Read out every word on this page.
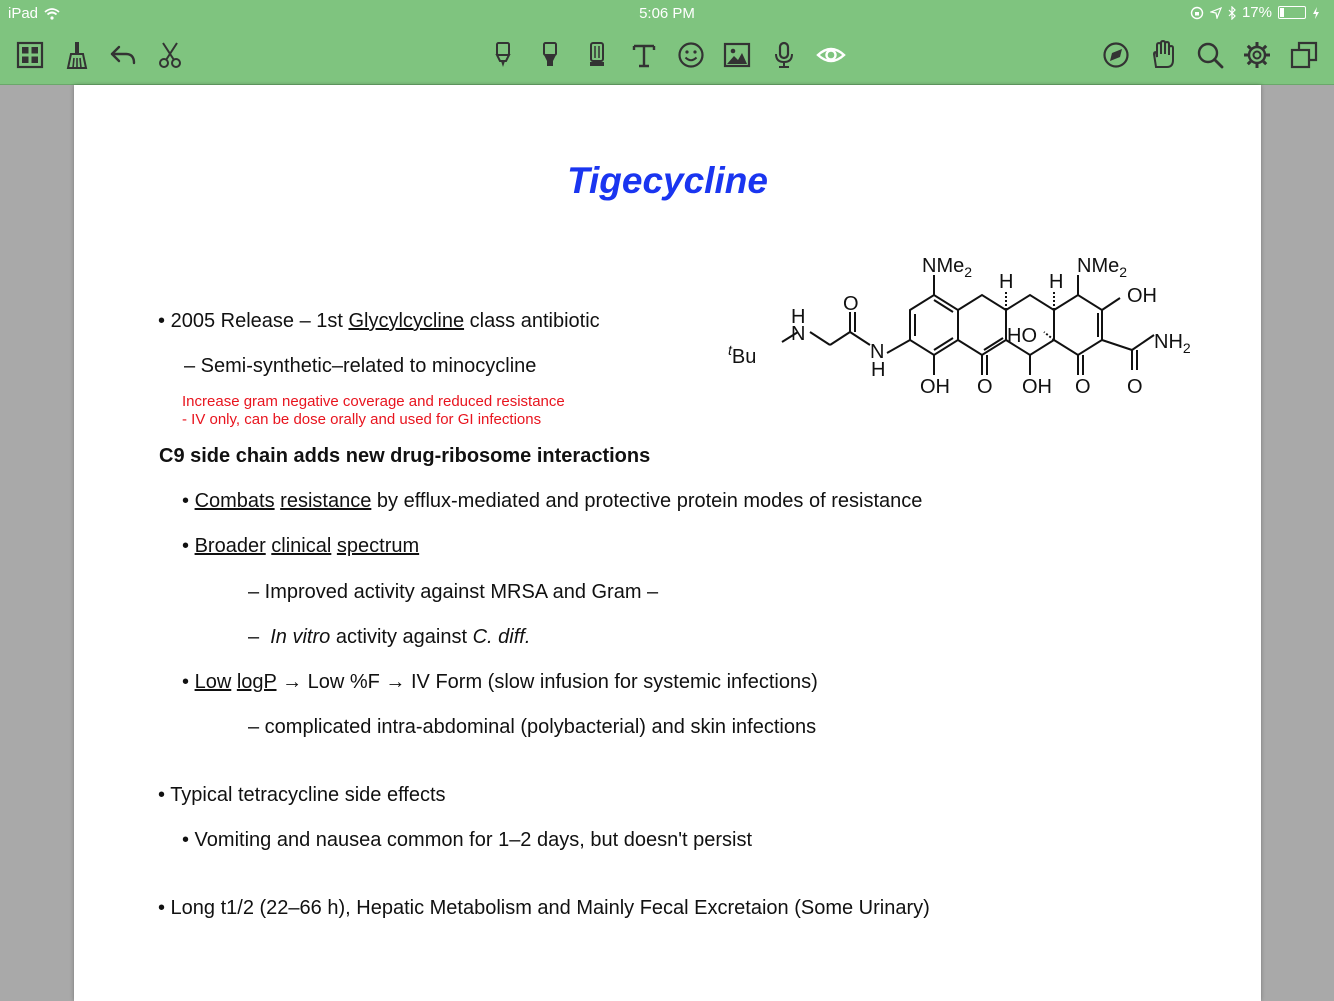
iPad	5:06 PM	17%
Tigecycline
NMe$_2$ H H
NMe$_2$
OH
$NH_2$
HO
OH O OH O O
N
H
O
N
H
$^t$Bu
• 2005 Release – 1st Glycylcycline class antibiotic
– Semi-synthetic–related to minocycline
Increase gram negative coverage and reduced resistance
- IV only, can be dose orally and used for GI infections
C9 side chain adds new drug-ribosome interactions
• Combats resistance by efflux-mediated and protective protein modes of resistance
• Broader clinical spectrum
– Improved activity against MRSA and Gram –
– In vitro activity against C. diff.
• Low logP → Low %F → IV Form (slow infusion for systemic infections)
– complicated intra-abdominal (polybacterial) and skin infections
• Typical tetracycline side effects
• Vomiting and nausea common for 1–2 days, but doesn't persist
• Long t1/2 (22–66 h), Hepatic Metabolism and Mainly Fecal Excretaion (Some Urinary)
